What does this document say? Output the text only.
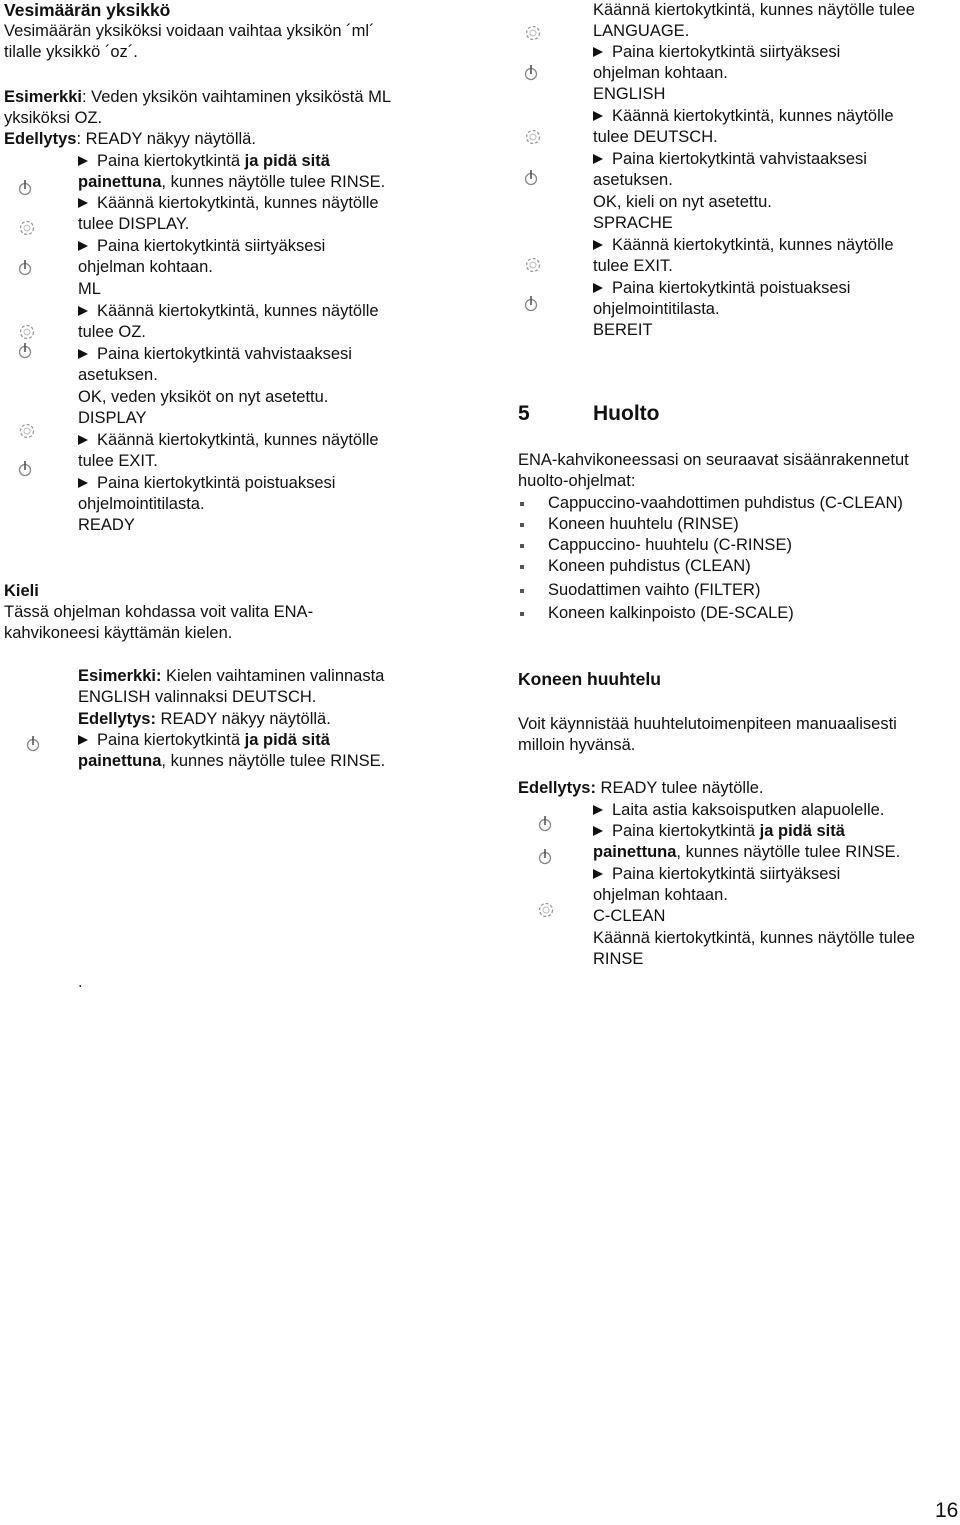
Vesimäärän yksikkö
Vesimäärän yksiköksi voidaan vaihtaa yksikön ´ml´
tilalle yksikkö ´oz´.
Esimerkki: Veden yksikön vaihtaminen yksiköstä ML
yksiköksi OZ.
Edellytys: READY näkyy näytöllä.
Paina kiertokytkintä ja pidä sitä
painettuna, kunnes näytölle tulee RINSE.
Käännä kiertokytkintä, kunnes näytölle
tulee DISPLAY.
Paina kiertokytkintä siirtyäksesi
ohjelman kohtaan.
ML
Käännä kiertokytkintä, kunnes näytölle
tulee OZ.
Paina kiertokytkintä vahvistaaksesi
asetuksen.
OK, veden yksiköt on nyt asetettu.
DISPLAY
Käännä kiertokytkintä, kunnes näytölle
tulee EXIT.
Paina kiertokytkintä poistuaksesi
ohjelmointitilasta.
READY
Kieli
Tässä ohjelman kohdassa voit valita ENA-
kahvikoneesi käyttämän kielen.
Esimerkki: Kielen vaihtaminen valinnasta
ENGLISH valinnaksi DEUTSCH.
Edellytys: READY näkyy näytöllä.
Paina kiertokytkintä ja pidä sitä
painettuna, kunnes näytölle tulee RINSE.
.
Käännä kiertokytkintä, kunnes näytölle tulee
LANGUAGE.
Paina kiertokytkintä siirtyäksesi
ohjelman kohtaan.
ENGLISH
Käännä kiertokytkintä, kunnes näytölle
tulee DEUTSCH.
Paina kiertokytkintä vahvistaaksesi
asetuksen.
OK, kieli on nyt asetettu.
SPRACHE
Käännä kiertokytkintä, kunnes näytölle
tulee EXIT.
Paina kiertokytkintä poistuaksesi
ohjelmointitilasta.
BEREIT
5	Huolto
ENA-kahvikoneessasi on seuraavat sisäänrakennetut
huolto-ohjelmat:
Cappuccino-vaahdottimen puhdistus (C-CLEAN)
Koneen huuhtelu (RINSE)
Cappuccino- huuhtelu (C-RINSE)
Koneen puhdistus (CLEAN)
Suodattimen vaihto (FILTER)
Koneen kalkinpoisto (DE-SCALE)
Koneen huuhtelu
Voit käynnistää huuhtelutoimenpiteen manuaalisesti
milloin hyvänsä.
Edellytys: READY tulee näytölle.
Laita astia kaksoisputken alapuolelle.
Paina kiertokytkintä ja pidä sitä
painettuna, kunnes näytölle tulee RINSE.
Paina kiertokytkintä siirtyäksesi
ohjelman kohtaan.
C-CLEAN
Käännä kiertokytkintä, kunnes näytölle tulee
RINSE
16
